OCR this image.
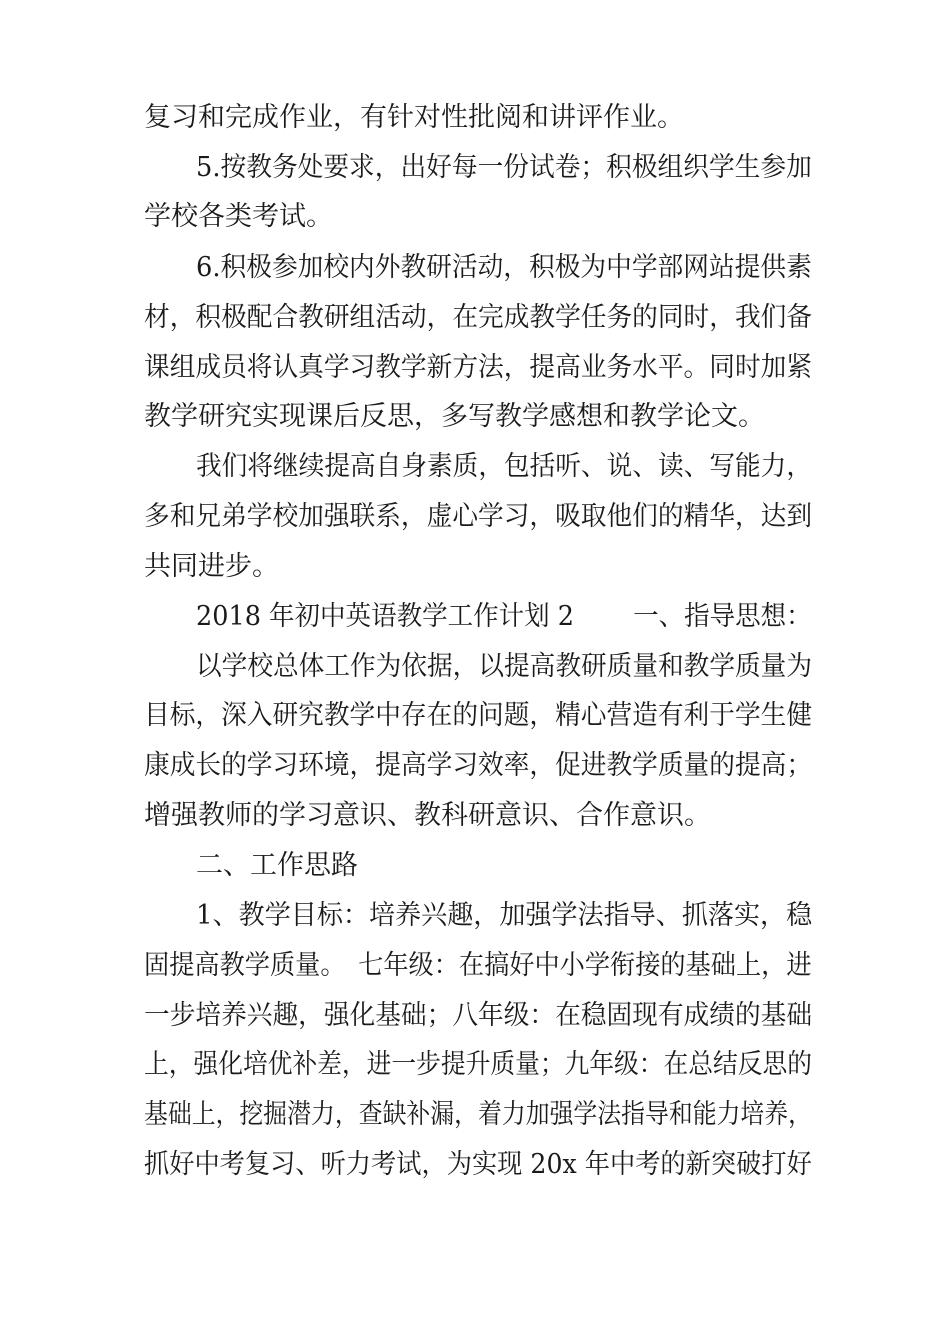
复习和完成作业，有针对性批阅和讲评作业。
5.按教务处要求，出好每一份试卷；积极组织学生参加
学校各类考试。
6.积极参加校内外教研活动，积极为中学部网站提供素
材，积极配合教研组活动，在完成教学任务的同时，我们备
课组成员将认真学习教学新方法，提高业务水平。同时加紧
教学研究实现课后反思，多写教学感想和教学论文。
我们将继续提高自身素质，包括听、说、读、写能力，
多和兄弟学校加强联系，虚心学习，吸取他们的精华，达到
共同进步。
2018 年初中英语教学工作计划 2　　 一、指导思想：
以学校总体工作为依据，以提高教研质量和教学质量为
目标，深入研究教学中存在的问题，精心营造有利于学生健
康成长的学习环境，提高学习效率，促进教学质量的提高；
增强教师的学习意识、教科研意识、合作意识。
二、工作思路
1、教学目标：培养兴趣，加强学法指导、抓落实，稳
固提高教学质量。　七年级：在搞好中小学衔接的基础上，进
一步培养兴趣，强化基础；八年级：在稳固现有成绩的基础
上，强化培优补差，进一步提升质量；九年级：在总结反思的
基础上，挖掘潜力，查缺补漏，着力加强学法指导和能力培养，
抓好中考复习、听力考试，为实现 20x 年中考的新突破打好
